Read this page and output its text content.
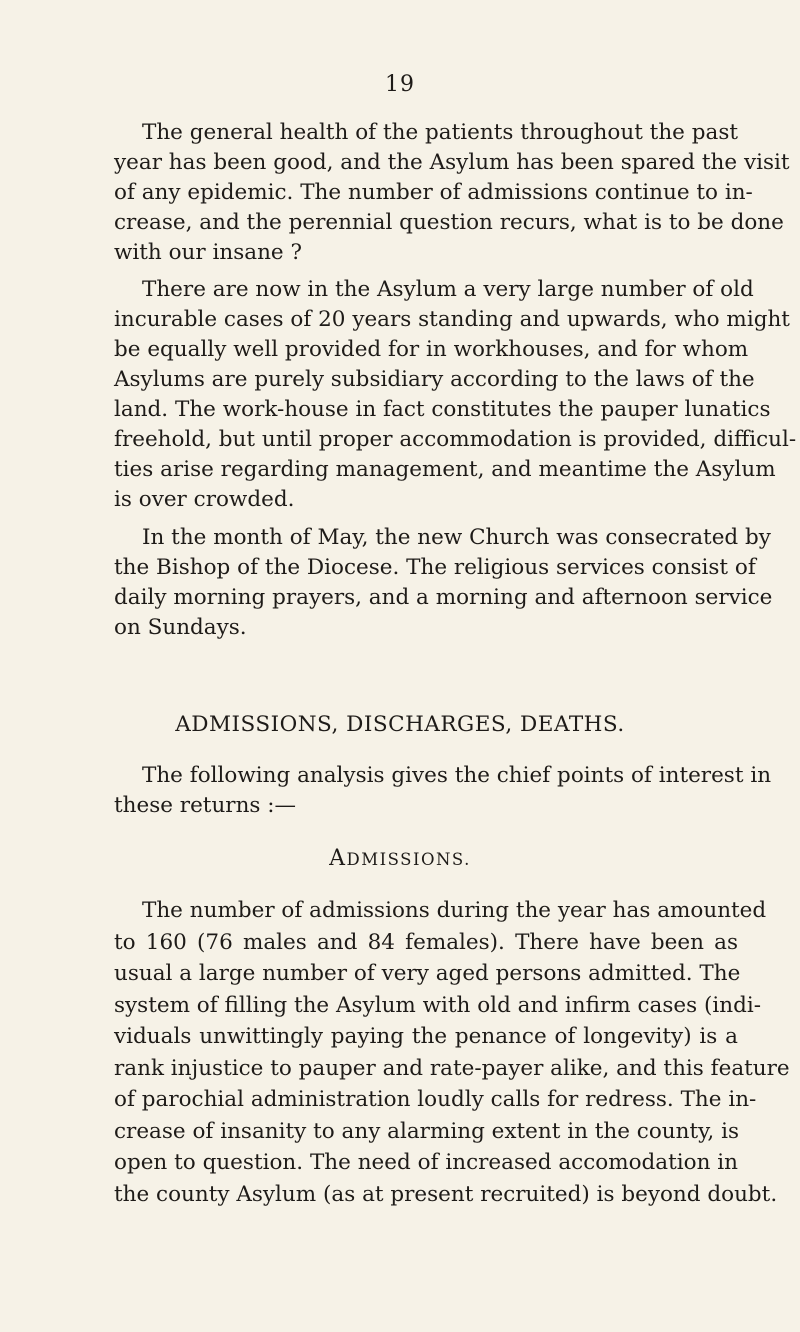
19

The general health of the patients throughout the past
year has been good, and the Asylum has been spared the visit
of any epidemic. The number of admissions continue to in-
crease, and the perennial question recurs, what is to be done
with our insane ?

There are now in the Asylum a very large number of old
incurable cases of 20 years standing and upwards, who might
be equally well provided for in workhouses, and for whom
Asylums are purely subsidiary according to the laws of the
land. The work-house in fact constitutes the pauper lunatics
freehold, but until proper accommodation is provided, difficul-
ties arise regarding management, and meantime the Asylum
is over crowded.

In the month of May, the new Church was consecrated by
the Bishop of the Diocese. The religious services consist of
daily morning prayers, and a morning and afternoon service
on Sundays.

ADMISSIONS, DISCHARGES, DEATHS.

The following analysis gives the chief points of interest in
these returns :—

ADMISSIONS.

The number of admissions during the year has amounted
to 160 (76 males and 84 females). There have been as
usual a large number of very aged persons admitted. The
system of filling the Asylum with old and infirm cases (indi-
viduals unwittingly paying the penance of longevity) is a
rank injustice to pauper and rate-payer alike, and this feature
of parochial administration loudly calls for redress. The in-
crease of insanity to any alarming extent in the county, is
open to question. The need of increased accomodation in
the county Asylum (as at present recruited) is beyond doubt.
